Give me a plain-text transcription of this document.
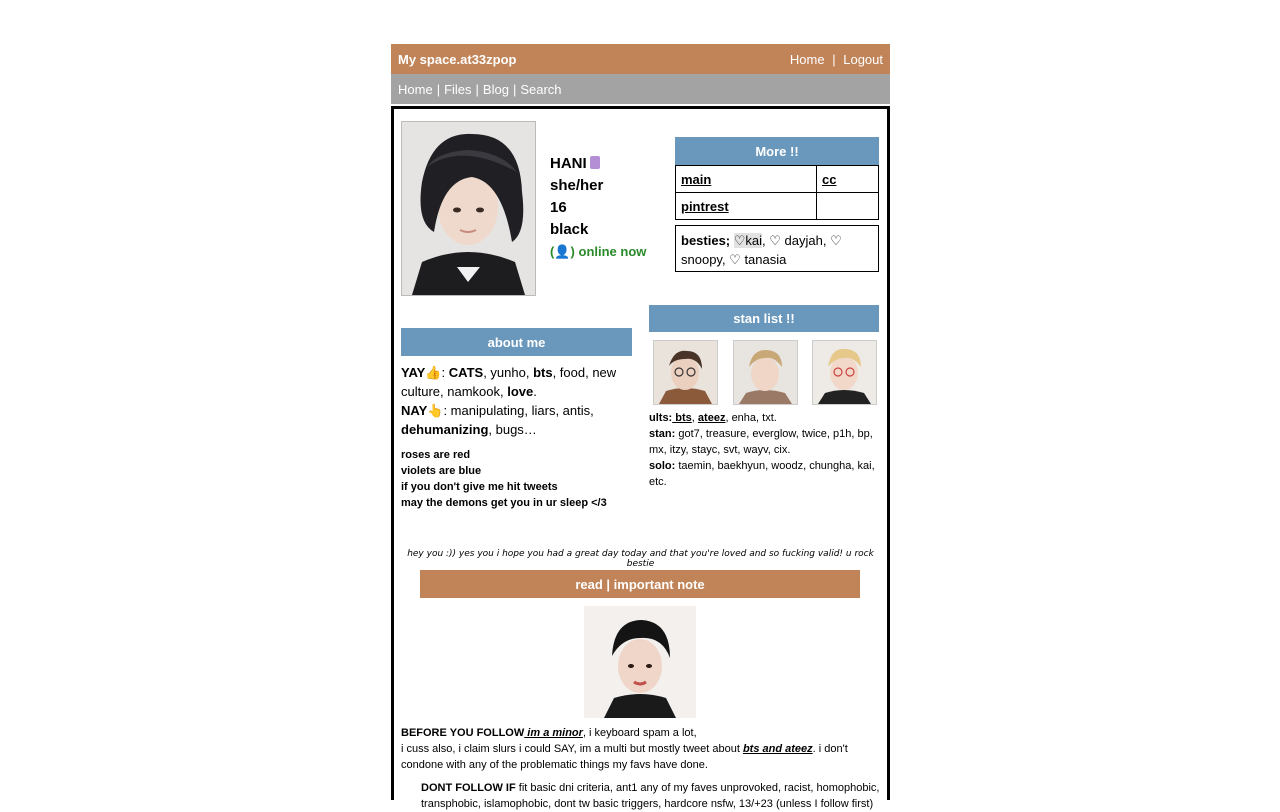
My space.at33zpop	Home | Logout
Home | Files | Blog | Search
HANI
she/her
16
black
(👤) online now
More !!
main	cc
pintrest	
besties; ♡kai, ♡ dayjah, ♡ snoopy, ♡ tanasia
stan list !!
ults: bts, ateez, enha, txt.
stan: got7, treasure, everglow, twice, p1h, bp, mx, itzy, stayc, svt, wayv, cix.
solo: taemin, baekhyun, woodz, chungha, kai, etc.
about me
YAY👍: CATS, yunho, bts, food, new culture, namkook, love.
NAY👆: manipulating, liars, antis, dehumanizing, bugs…
roses are red
violets are blue
if you don't give me hit tweets
may the demons get you in ur sleep </3
hey you :)) yes you i hope you had a great day today and that you're loved and so fucking valid! u rock bestie
read | important note
BEFORE YOU FOLLOW im a minor, i keyboard spam a lot,
i cuss also, i claim slurs i could SAY, im a multi but mostly tweet about bts and ateez. i don't condone with any of the problematic things my favs have done.
DONT FOLLOW IF fit basic dni criteria, ant1 any of my faves unprovoked, racist, homophobic, transphobic, islamophobic, dont tw basic triggers, hardcore nsfw, 13/+23 (unless I follow first)
